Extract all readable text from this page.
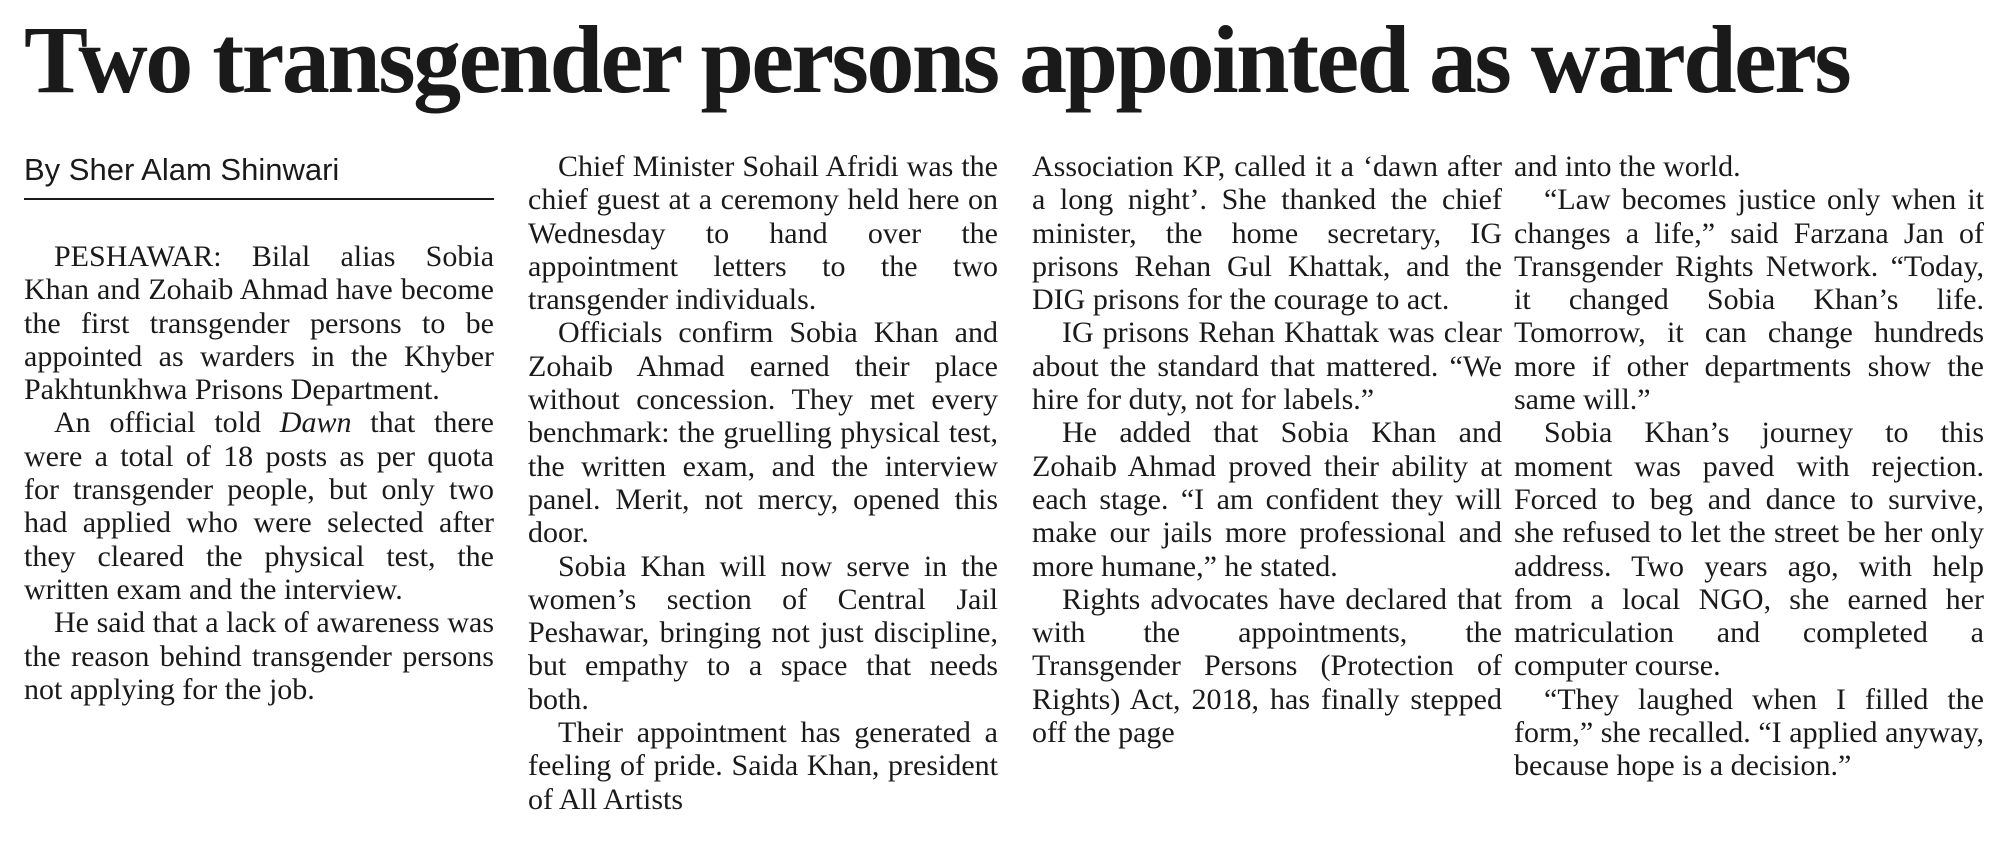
Two transgender persons appointed as warders
By Sher Alam Shinwari

PESHAWAR: Bilal alias Sobia Khan and Zohaib Ahmad have become the first transgender persons to be appointed as warders in the Khyber Pakhtunkhwa Prisons Department.

An official told Dawn that there were a total of 18 posts as per quota for transgender people, but only two had applied who were selected after they cleared the physical test, the written exam and the interview.

He said that a lack of awareness was the reason behind transgender persons not applying for the job.

Chief Minister Sohail Afridi was the chief guest at a ceremony held here on Wednesday to hand over the appointment letters to the two transgender individuals.

Officials confirm Sobia Khan and Zohaib Ahmad earned their place without concession. They met every benchmark: the gruelling physical test, the written exam, and the interview panel. Merit, not mercy, opened this door.

Sobia Khan will now serve in the women’s section of Central Jail Peshawar, bringing not just discipline, but empathy to a space that needs both.

Their appointment has generated a feeling of pride. Saida Khan, president of All Artists

Association KP, called it a ‘dawn after a long night’. She thanked the chief minister, the home secretary, IG prisons Rehan Gul Khattak, and the DIG prisons for the courage to act.

IG prisons Rehan Khattak was clear about the standard that mattered. “We hire for duty, not for labels.”

He added that Sobia Khan and Zohaib Ahmad proved their ability at each stage. “I am confident they will make our jails more professional and more humane,” he stated.

Rights advocates have declared that with the appointments, the Transgender Persons (Protection of Rights) Act, 2018, has finally stepped off the page

and into the world.

“Law becomes justice only when it changes a life,” said Farzana Jan of Transgender Rights Network. “Today, it changed Sobia Khan’s life. Tomorrow, it can change hundreds more if other departments show the same will.”

Sobia Khan’s journey to this moment was paved with rejection. Forced to beg and dance to survive, she refused to let the street be her only address. Two years ago, with help from a local NGO, she earned her matriculation and completed a computer course.

“They laughed when I filled the form,” she recalled. “I applied anyway, because hope is a decision.”
